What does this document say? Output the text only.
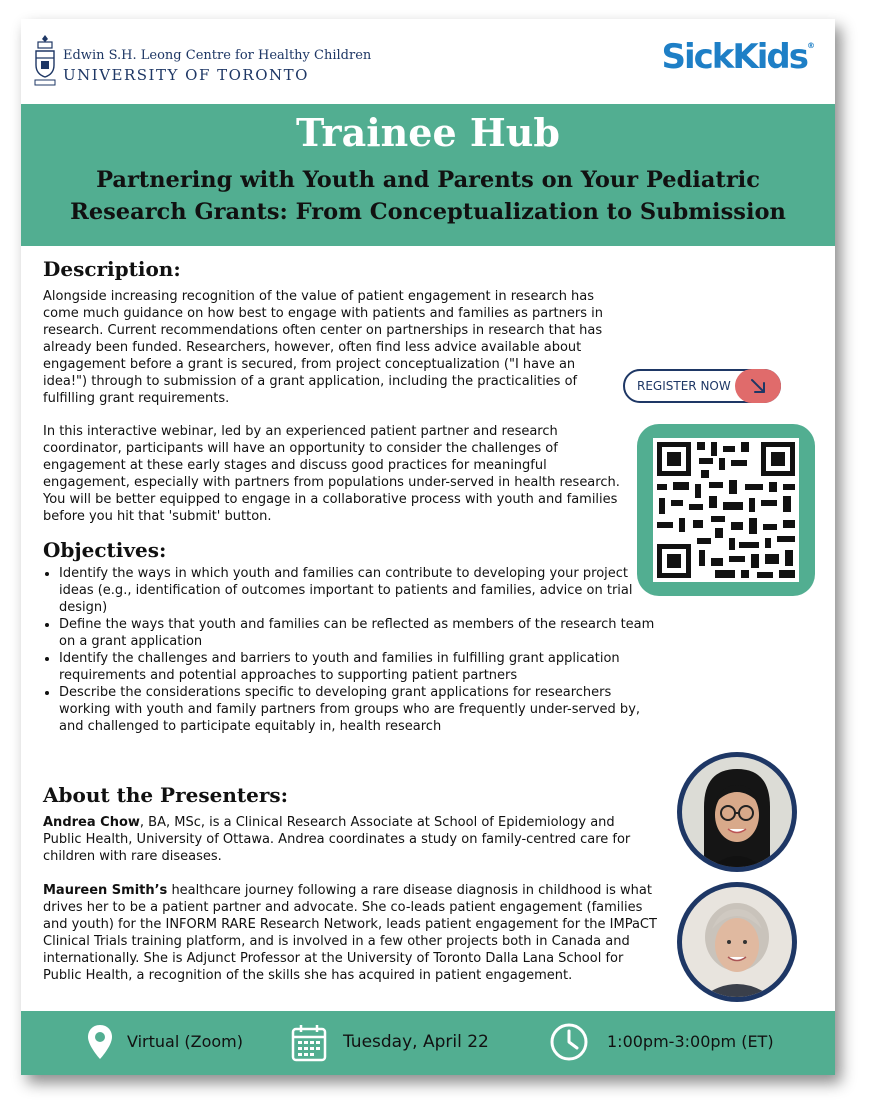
Edwin S.H. Leong Centre for Healthy Children
UNIVERSITY OF TORONTO	SickKids®
Trainee Hub
Partnering with Youth and Parents on Your Pediatric
Research Grants: From Conceptualization to Submission
Description:

Alongside increasing recognition of the value of patient engagement in research has come much guidance on how best to engage with patients and families as partners in research. Current recommendations often center on partnerships in research that has already been funded. Researchers, however, often find less advice available about engagement before a grant is secured, from project conceptualization ("I have an idea!") through to submission of a grant application, including the practicalities of fulfilling grant requirements.

In this interactive webinar, led by an experienced patient partner and research coordinator, participants will have an opportunity to consider the challenges of engagement at these early stages and discuss good practices for meaningful engagement, especially with partners from populations under-served in health research. You will be better equipped to engage in a collaborative process with youth and families before you hit that 'submit' button.

REGISTER NOW
Objectives:
• Identify the ways in which youth and families can contribute to developing your project ideas (e.g., identification of outcomes important to patients and families, advice on trial design)
• Define the ways that youth and families can be reflected as members of the research team on a grant application
• Identify the challenges and barriers to youth and families in fulfilling grant application requirements and potential approaches to supporting patient partners
• Describe the considerations specific to developing grant applications for researchers working with youth and family partners from groups who are frequently under-served by, and challenged to participate equitably in, health research
About the Presenters:

Andrea Chow, BA, MSc, is a Clinical Research Associate at School of Epidemiology and Public Health, University of Ottawa. Andrea coordinates a study on family-centred care for children with rare diseases.

Maureen Smith’s healthcare journey following a rare disease diagnosis in childhood is what drives her to be a patient partner and advocate. She co-leads patient engagement (families and youth) for the INFORM RARE Research Network, leads patient engagement for the IMPaCT Clinical Trials training platform, and is involved in a few other projects both in Canada and internationally. She is Adjunct Professor at the University of Toronto Dalla Lana School for Public Health, a recognition of the skills she has acquired in patient engagement.

Virtual (Zoom)	Tuesday, April 22	1:00pm-3:00pm (ET)
